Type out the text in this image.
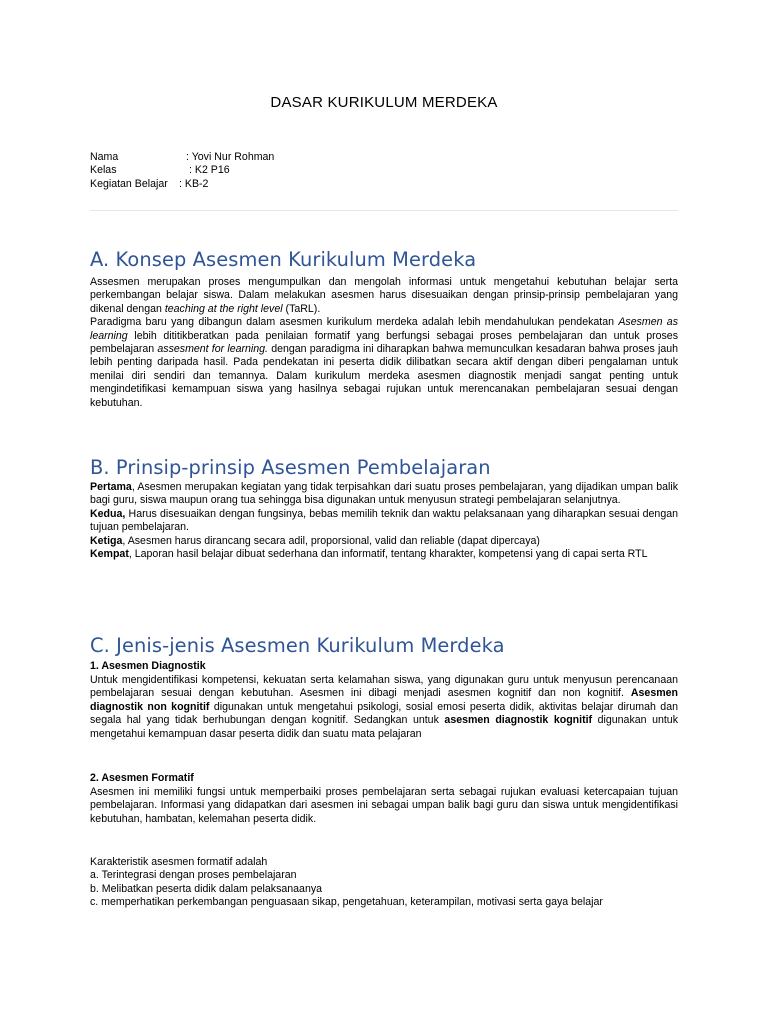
DASAR KURIKULUM MERDEKA
Nama	: Yovi Nur Rohman
Kelas	: K2 P16
Kegiatan Belajar : KB-2
A. Konsep Asesmen Kurikulum Merdeka

Assesmen merupakan proses mengumpulkan dan mengolah informasi untuk mengetahui kebutuhan belajar serta perkembangan belajar siswa. Dalam melakukan asesmen harus disesuaikan dengan prinsip-prinsip pembelajaran yang dikenal dengan teaching at the right level (TaRL).

Paradigma baru yang dibangun dalam asesmen kurikulum merdeka adalah lebih mendahulukan pendekatan Asesmen as learning lebih dititikberatkan pada penilaian formatif yang berfungsi sebagai proses pembelajaran dan untuk proses pembelajaran assesment for learning. dengan paradigma ini diharapkan bahwa memunculkan kesadaran bahwa proses jauh lebih penting daripada hasil. Pada pendekatan ini peserta didik dilibatkan secara aktif dengan diberi pengalaman untuk menilai diri sendiri dan temannya. Dalam kurikulum merdeka asesmen diagnostik menjadi sangat penting untuk mengindetifikasi kemampuan siswa yang hasilnya sebagai rujukan untuk merencanakan pembelajaran sesuai dengan kebutuhan.

B. Prinsip-prinsip Asesmen Pembelajaran

Pertama, Asesmen merupakan kegiatan yang tidak terpisahkan dari suatu proses pembelajaran, yang dijadikan umpan balik bagi guru, siswa maupun orang tua sehingga bisa digunakan untuk menyusun strategi pembelajaran selanjutnya.

Kedua, Harus disesuaikan dengan fungsinya, bebas memilih teknik dan waktu pelaksanaan yang diharapkan sesuai dengan tujuan pembelajaran.

Ketiga, Asesmen harus dirancang secara adil, proporsional, valid dan reliable (dapat dipercaya)

Kempat, Laporan hasil belajar dibuat sederhana dan informatif, tentang kharakter, kompetensi yang di capai serta RTL

C. Jenis-jenis Asesmen Kurikulum Merdeka
1. Asesmen Diagnostik

Untuk mengidentifikasi kompetensi, kekuatan serta kelamahan siswa, yang digunakan guru untuk menyusun perencanaan pembelajaran sesuai dengan kebutuhan. Asesmen ini dibagi menjadi asesmen kognitif dan non kognitif. Asesmen diagnostik non kognitif digunakan untuk mengetahui psikologi, sosial emosi peserta didik, aktivitas belajar dirumah dan segala hal yang tidak berhubungan dengan kognitif. Sedangkan untuk asesmen diagnostik kognitif digunakan untuk mengetahui kemampuan dasar peserta didik dan suatu mata pelajaran

2. Asesmen Formatif

Asesmen ini memiliki fungsi untuk memperbaiki proses pembelajaran serta sebagai rujukan evaluasi ketercapaian tujuan pembelajaran. Informasi yang didapatkan dari asesmen ini sebagai umpan balik bagi guru dan siswa untuk mengidentifikasi kebutuhan, hambatan, kelemahan peserta didik.

Karakteristik asesmen formatif adalah
a. Terintegrasi dengan proses pembelajaran
b. Melibatkan peserta didik dalam pelaksanaanya
c. memperhatikan perkembangan penguasaan sikap, pengetahuan, keterampilan, motivasi serta gaya belajar
